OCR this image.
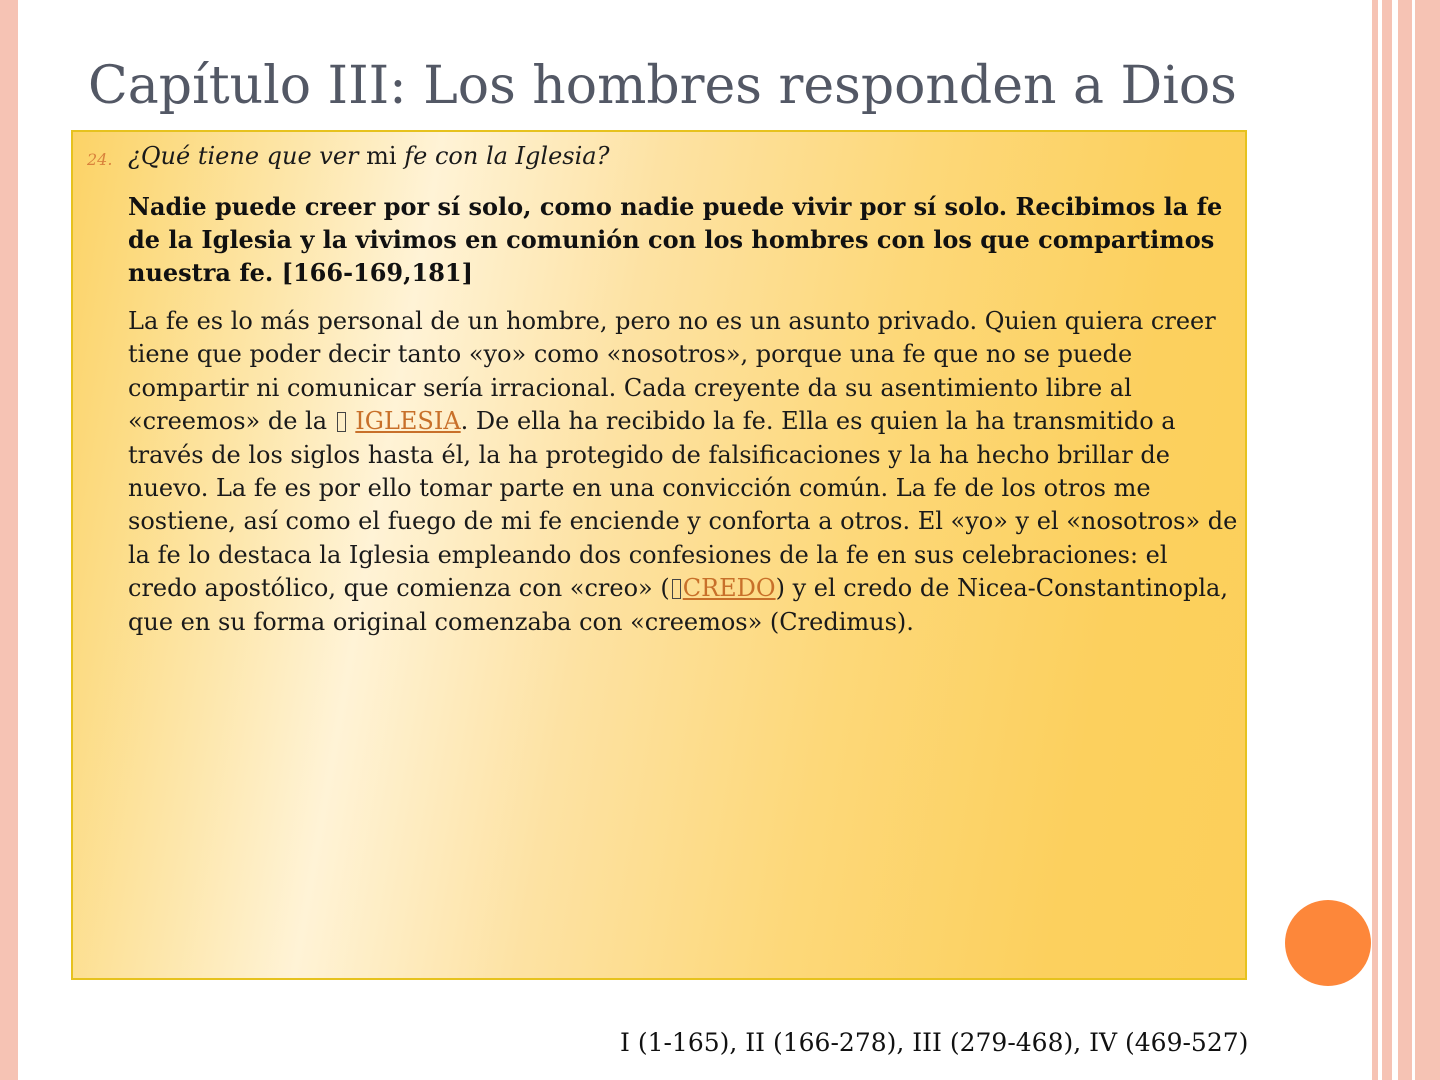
Capítulo III: Los hombres responden a Dios
24. ¿Qué tiene que ver mi fe con la Iglesia?

Nadie puede creer por sí solo, como nadie puede vivir por sí solo. Recibimos la fe de la Iglesia y la vivimos en comunión con los hombres con los que compartimos nuestra fe. [166-169,181]

La fe es lo más personal de un hombre, pero no es un asunto privado. Quien quiera creer tiene que poder decir tanto «yo» como «nosotros», porque una fe que no se puede compartir ni comunicar sería irracional. Cada creyente da su asentimiento libre al «creemos» de la  IGLESIA. De ella ha recibido la fe. Ella es quien la ha transmitido a través de los siglos hasta él, la ha protegido de falsificaciones y la ha hecho brillar de nuevo. La fe es por ello tomar parte en una convicción común. La fe de los otros me sostiene, así como el fuego de mi fe enciende y conforta a otros. El «yo» y el «nosotros» de la fe lo destaca la Iglesia empleando dos confesiones de la fe en sus celebraciones: el credo apostólico, que comienza con «creo» ( CREDO) y el credo de Nicea-Constantinopla, que en su forma original comenzaba con «creemos» (Credimus).

I (1-165), II (166-278), III (279-468), IV (469-527)
